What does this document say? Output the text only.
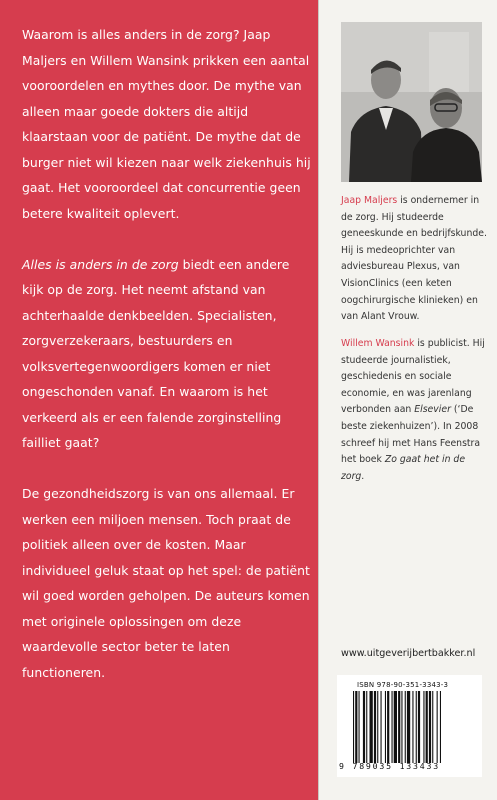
Waarom is alles anders in de zorg? Jaap Maljers en Willem Wansink prikken een aantal vooroordelen en mythes door. De mythe van alleen maar goede dokters die altijd klaarstaan voor de patiënt. De mythe dat de burger niet wil kiezen naar welk ziekenhuis hij gaat. Het vooroordeel dat concurrentie geen betere kwaliteit oplevert.

Alles is anders in de zorg biedt een andere kijk op de zorg. Het neemt afstand van achterhaalde denkbeelden. Specialisten, zorgverzekeraars, bestuurders en volksvertegenwoordigers komen er niet ongeschonden vanaf. En waarom is het verkeerd als er een falende zorginstelling failliet gaat?

De gezondheidszorg is van ons allemaal. Er werken een miljoen mensen. Toch praat de politiek alleen over de kosten. Maar individueel geluk staat op het spel: de patiënt wil goed worden geholpen. De auteurs komen met originele oplossingen om deze waardevolle sector beter te laten functioneren.

Jaap Maljers is ondernemer in de zorg. Hij studeerde geneeskunde en bedrijfskunde. Hij is medeoprichter van adviesbureau Plexus, van VisionClinics (een keten oogchirurgische klinieken) en van Alant Vrouw.
Willem Wansink is publicist. Hij studeerde journalistiek, geschiedenis en sociale economie, en was jarenlang verbonden aan Elsevier (‘De beste ziekenhuizen’). In 2008 schreef hij met Hans Feenstra het boek Zo gaat het in de zorg.
www.uitgeverijbertbakker.nl
ISBN 978-90-351-3343-3
9 789035 133433
